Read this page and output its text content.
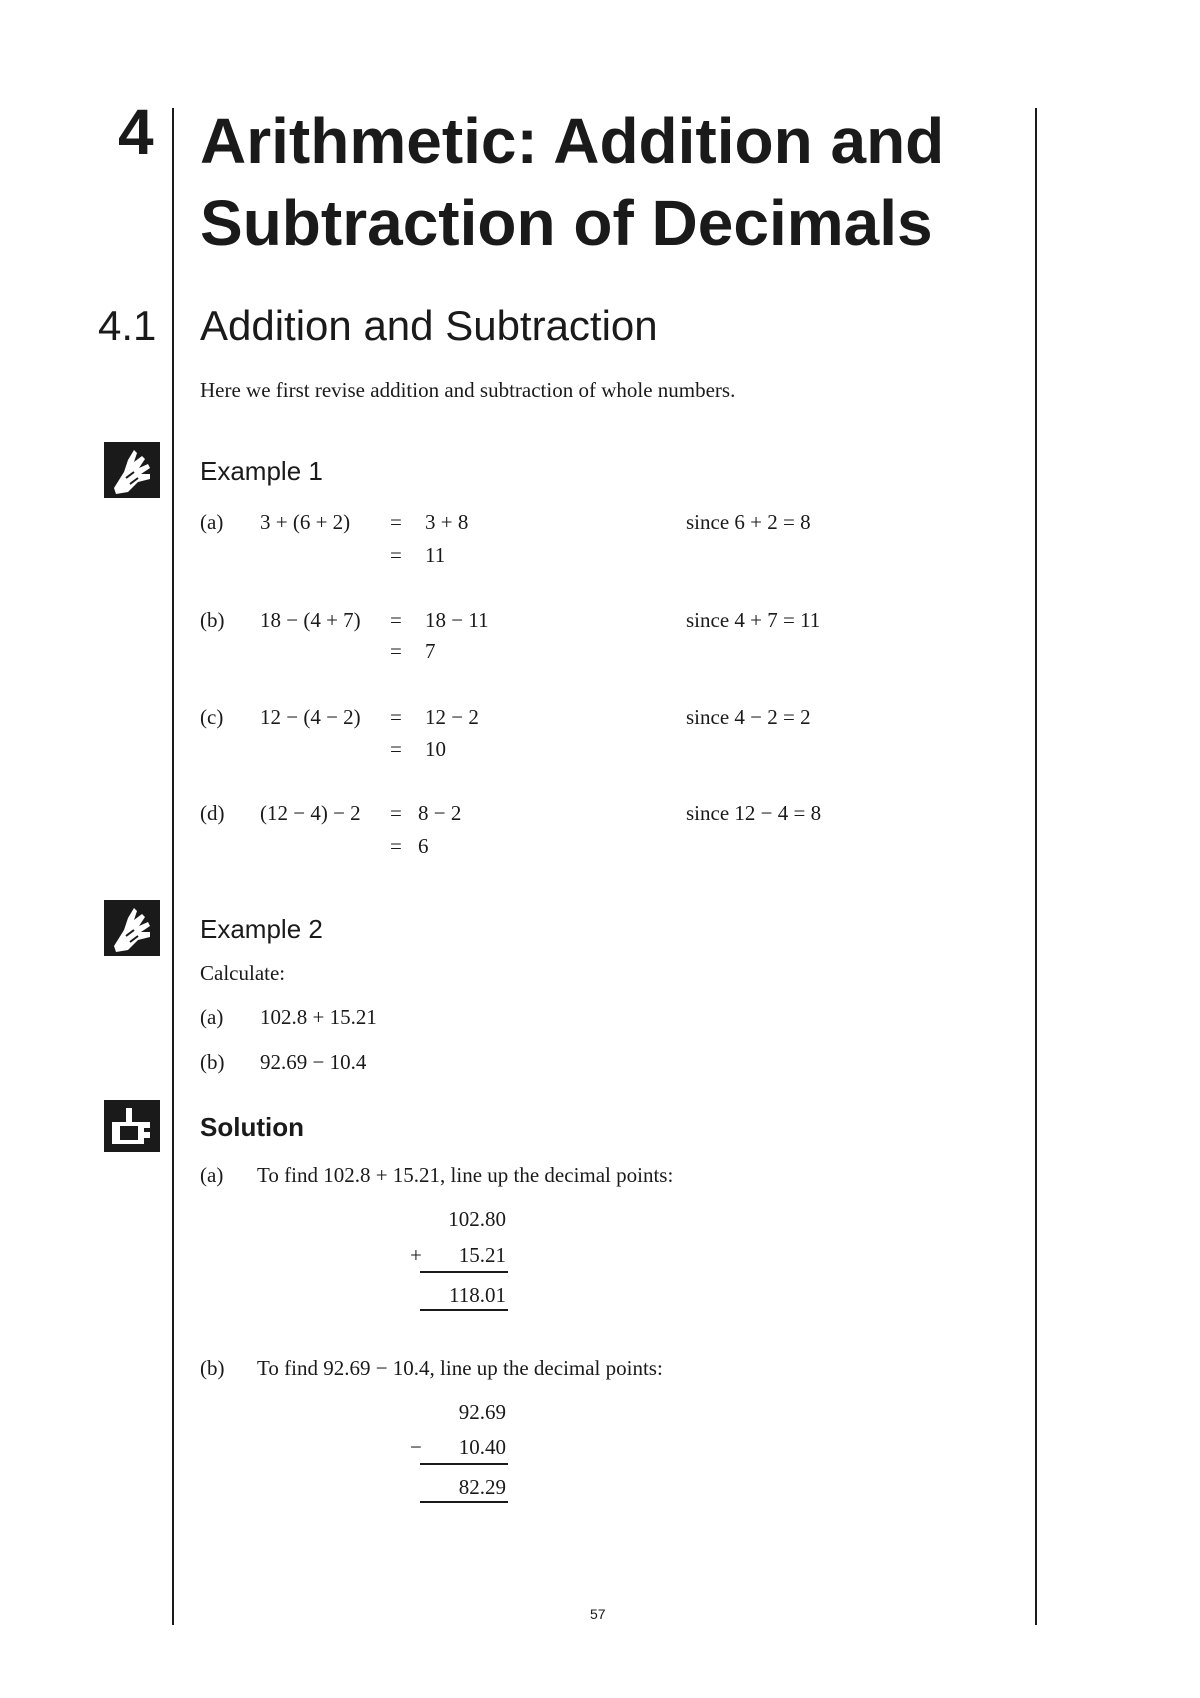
4 Arithmetic: Addition and
Subtraction of Decimals
4.1 Addition and Subtraction
Here we first revise addition and subtraction of whole numbers.
Example 1
(a) 3 + (6 + 2) = 3 + 8	since 6 + 2 = 8
= 11
(b) 18 − (4 + 7) = 18 − 11	since 4 + 7 = 11
= 7
(c) 12 − (4 − 2) = 12 − 2	since 4 − 2 = 2
= 10
(d) (12 − 4) − 2 = 8 − 2	since 12 − 4 = 8
= 6
Example 2
Calculate:
(a) 102.8 + 15.21
(b) 92.69 − 10.4
Solution
(a) To find 102.8 + 15.21, line up the decimal points:
102.80
+	15.21
118.01
(b) To find 92.69 − 10.4, line up the decimal points:
92.69
−	10.40
82.29
57
